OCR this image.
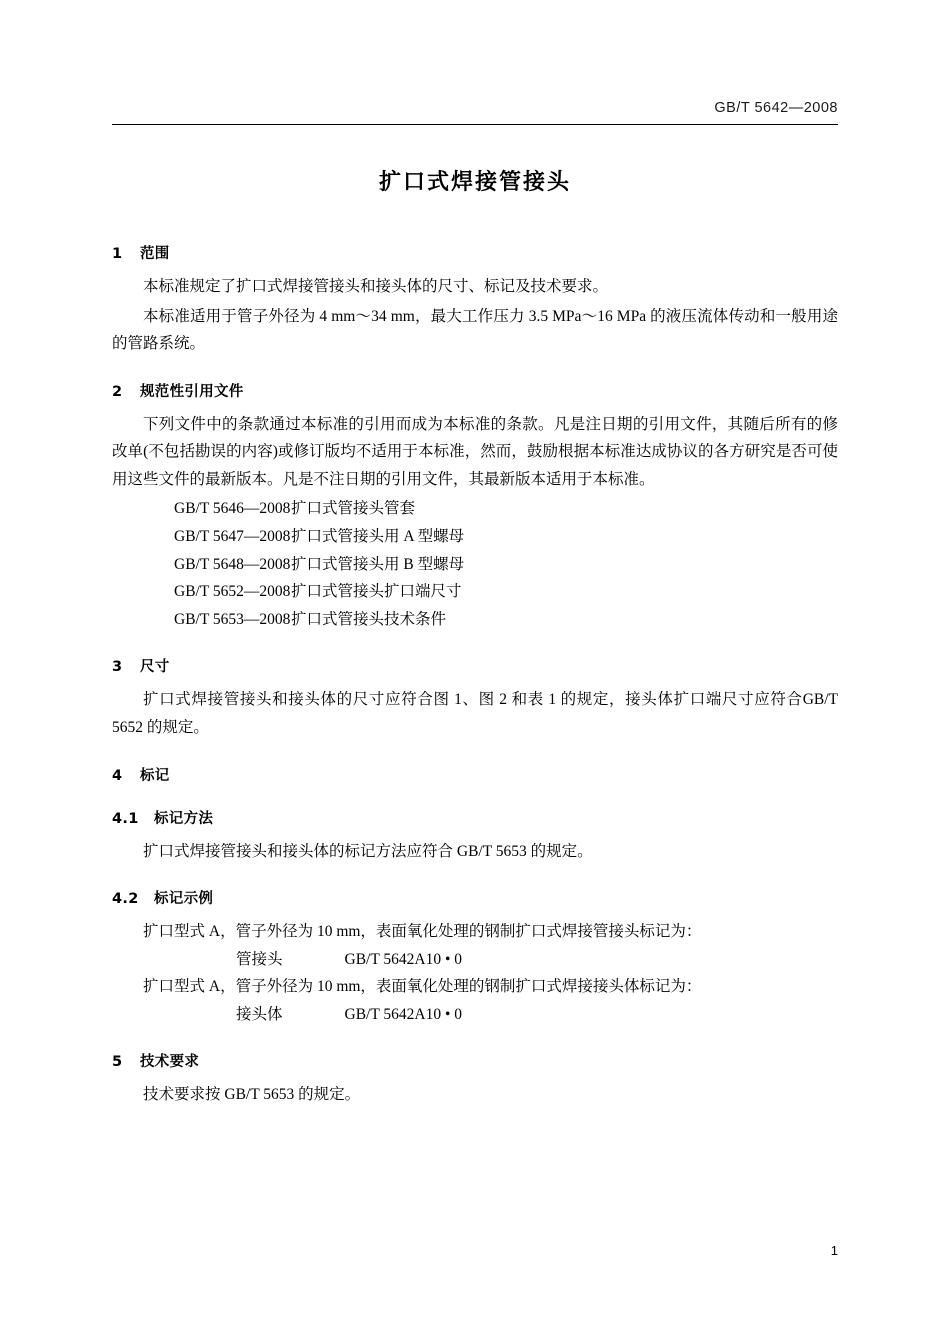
GB/T 5642—2008
扩口式焊接管接头
1 范围

本标准规定了扩口式焊接管接头和接头体的尺寸、标记及技术要求。

本标准适用于管子外径为 4 mm～34 mm，最大工作压力 3.5 MPa～16 MPa 的液压流体传动和一般用途的管路系统。

2 规范性引用文件

下列文件中的条款通过本标准的引用而成为本标准的条款。凡是注日期的引用文件，其随后所有的修改单(不包括勘误的内容)或修订版均不适用于本标准，然而，鼓励根据本标准达成协议的各方研究是否可使用这些文件的最新版本。凡是不注日期的引用文件，其最新版本适用于本标准。

GB/T 5646—2008扩口式管接头管套
GB/T 5647—2008扩口式管接头用 A 型螺母
GB/T 5648—2008扩口式管接头用 B 型螺母
GB/T 5652—2008扩口式管接头扩口端尺寸
GB/T 5653—2008扩口式管接头技术条件
3 尺寸

扩口式焊接管接头和接头体的尺寸应符合图 1、图 2 和表 1 的规定，接头体扩口端尺寸应符合GB/T 5652 的规定。

4 标记
4.1 标记方法

扩口式焊接管接头和接头体的标记方法应符合 GB/T 5653 的规定。

4.2 标记示例

扩口型式 A，管子外径为 10 mm，表面氧化处理的钢制扩口式焊接管接头标记为：

管接头	GB/T 5642A10 • 0

扩口型式 A，管子外径为 10 mm，表面氧化处理的钢制扩口式焊接接头体标记为：

接头体	GB/T 5642A10 • 0

5 技术要求

技术要求按 GB/T 5653 的规定。

1
